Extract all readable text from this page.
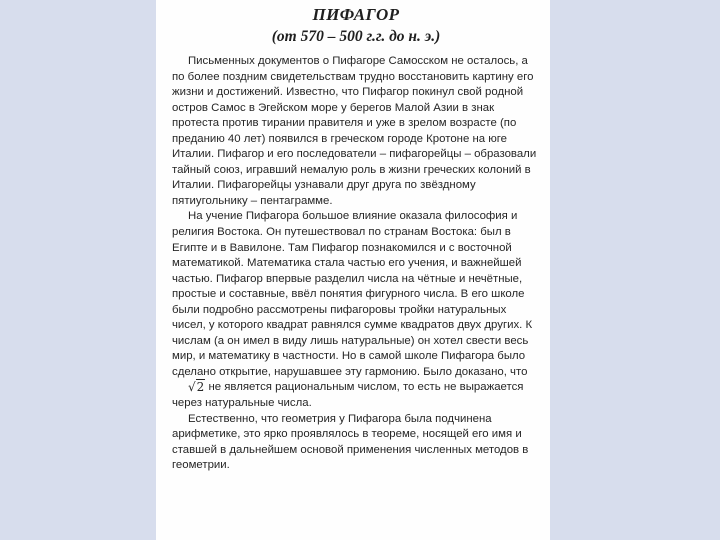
ПИФАГОР

(от 570 – 500 г.г. до н. э.)

Письменных документов о Пифагоре Самосском не осталось, а по более поздним свидетельствам трудно восстановить картину его жизни и достижений. Известно, что Пифагор покинул свой родной остров Самос в Эгейском море у берегов Малой Азии в знак протеста против тирании правителя и уже в зрелом возрасте (по преданию 40 лет) появился в греческом городе Кротоне на юге Италии. Пифагор и его последователи – пифагорейцы – образовали тайный союз, игравший немалую роль в жизни греческих колоний в Италии. Пифагорейцы узнавали друг друга по звёздному пятиугольнику – пентаграмме.

На учение Пифагора большое влияние оказала философия и религия Востока. Он путешествовал по странам Востока: был в Египте и в Вавилоне. Там Пифагор познакомился и с восточной математикой. Математика стала частью его учения, и важнейшей частью. Пифагор впервые разделил числа на чётные и нечётные, простые и составные, ввёл понятия фигурного числа. В его школе были подробно рассмотрены пифагоровы тройки натуральных чисел, у которого квадрат равнялся сумме квадратов двух других. К числам (а он имел в виду лишь натуральные) он хотел свести весь мир, и математику в частности. Но в самой школе Пифагора было сделано открытие, нарушавшее эту гармонию. Было доказано, что √2 не является рациональным числом, то есть не выражается через натуральные числа.

Естественно, что геометрия у Пифагора была подчинена арифметике, это ярко проявлялось в теореме, носящей его имя и ставшей в дальнейшем основой применения численных методов в геометрии.
